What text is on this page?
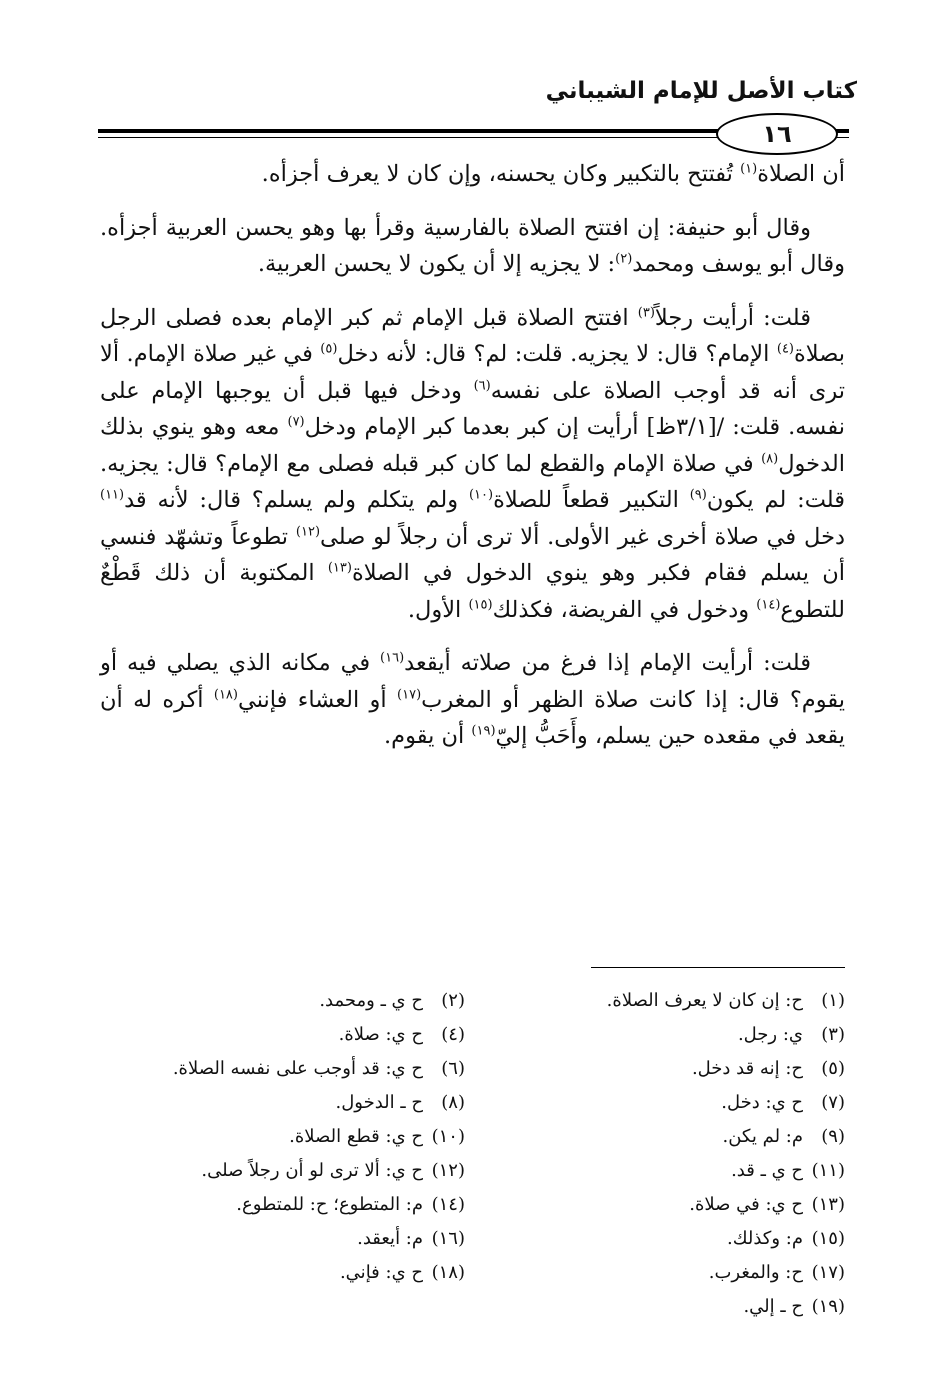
كتاب الأصل للإمام الشيباني
١٦

أن الصلاة$^{(١)}$ تُفتتح بالتكبير وكان يحسنه، وإن كان لا يعرف أجزأه.

وقال أبو حنيفة: إن افتتح الصلاة بالفارسية وقرأ بها وهو يحسن العربية أجزأه. وقال أبو يوسف ومحمد$^{(٢)}$: لا يجزيه إلا أن يكون لا يحسن العربية.

قلت: أرأيت رجلاً$^{(٣)}$ افتتح الصلاة قبل الإمام ثم كبر الإمام بعده فصلى الرجل بصلاة$^{(٤)}$ الإمام؟ قال: لا يجزيه. قلت: لم؟ قال: لأنه دخل$^{(٥)}$ في غير صلاة الإمام. ألا ترى أنه قد أوجب الصلاة على نفسه$^{(٦)}$ ودخل فيها قبل أن يوجبها الإمام على نفسه. قلت: /[٣/١ظ] أرأيت إن كبر بعدما كبر الإمام ودخل$^{(٧)}$ معه وهو ينوي بذلك الدخول$^{(٨)}$ في صلاة الإمام والقطع لما كان كبر قبله فصلى مع الإمام؟ قال: يجزيه. قلت: لم يكون$^{(٩)}$ التكبير قطعاً للصلاة$^{(١٠)}$ ولم يتكلم ولم يسلم؟ قال: لأنه قد$^{(١١)}$ دخل في صلاة أخرى غير الأولى. ألا ترى أن رجلاً لو صلى$^{(١٢)}$ تطوعاً وتشهّد فنسي أن يسلم فقام فكبر وهو ينوي الدخول في الصلاة$^{(١٣)}$ المكتوبة أن ذلك قَطْعٌ للتطوع$^{(١٤)}$ ودخول في الفريضة، فكذلك$^{(١٥)}$ الأول.

قلت: أرأيت الإمام إذا فرغ من صلاته أيقعد$^{(١٦)}$ في مكانه الذي يصلي فيه أو يقوم؟ قال: إذا كانت صلاة الظهر أو المغرب$^{(١٧)}$ أو العشاء فإنني$^{(١٨)}$ أكره له أن يقعد في مقعده حين يسلم، وأَحَبُّ إليّ$^{(١٩)}$ أن يقوم.

(١)ح: إن كان لا يعرف الصلاة.
(٢)ح ي ـ ومحمد.
(٣)ي: رجل.
(٤)ح ي: صلاة.
(٥)ح: إنه قد دخل.
(٦)ح ي: قد أوجب على نفسه الصلاة.
(٧)ح ي: دخل.
(٨)ح ـ الدخول.
(٩)م: لم يكن.
(١٠)ح ي: قطع الصلاة.
(١١)ح ي ـ قد.
(١٢)ح ي: ألا ترى لو أن رجلاً صلى.
(١٣)ح ي: في صلاة.
(١٤)م: المتطوع؛ ح: للمتطوع.
(١٥)م: وكذلك.
(١٦)م: أيعقد.
(١٧)ح: والمغرب.
(١٨)ح ي: فإني.
(١٩)ح ـ إلي.
